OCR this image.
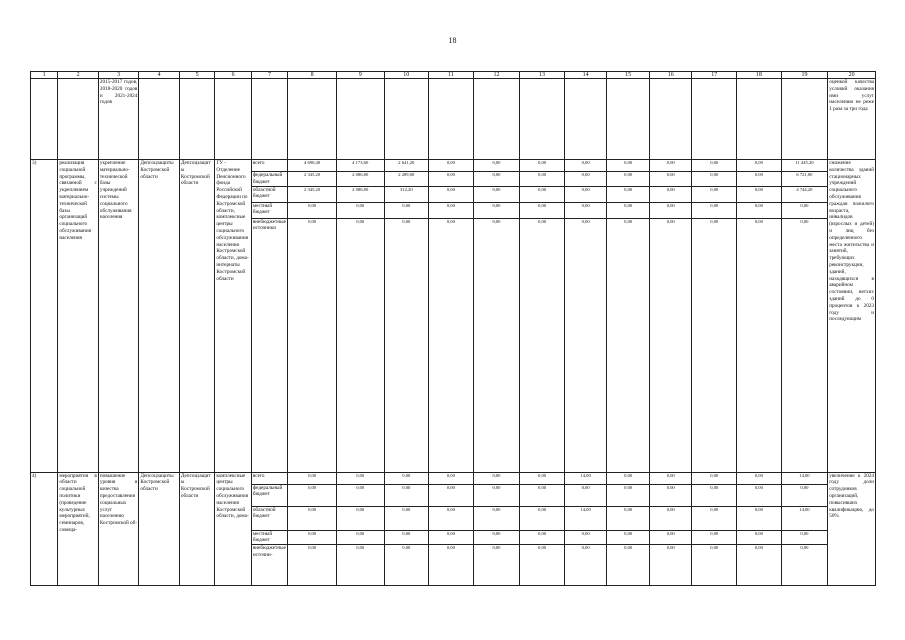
18
1	2	3	4	5	6	7	8	9	10	11	12	13	14	15	16	17	18	19	20
		2015-2017 годов, 2018-2020 годов и 2021-2024 годов																	оценкой качества условий оказания ими услуг населению не реже 1 раза за три года
3)	реализация социальной программы, связанной с укреплением материально-технической базы организаций социального обслуживания населения	укрепление материально-технической базы учреждений системы социального обслуживания населения	Депсоцзащиты Костромской области	Депсоцзащиты Костромской области	ГУ - Отделение Пенсионного фонда Российской Федерации по Костромской области, комплексные центры социального обслуживания населения Костромской области, дома-интернаты Костромской области	всего	4 690,40	4 173,60	2 641,20	0,00	0,00	0,00	0,00	0,00	0,00	0,00	0,00	11 445,20	снижение количества зданий стационарных учреждений социального обслуживания граждан пожилого возраста, инвалидов (взрослых и детей) и лиц без определенного места жительства и занятий, требующих реконструкции, зданий, находящихся в аварийном состоянии, ветхих зданий до 0 процентов к 2023 году и последующим
						федеральный бюджет	2 345,20	2 086,80	2 289,00	0,00	0,00	0,00	0,00	0,00	0,00	0,00	0,00	6 721,00	
						областной бюджет	2 345,20	2 086,80	312,20	0,00	0,00	0,00	0,00	0,00	0,00	0,00	0,00	4 744,20	
						местный бюджет	0,00	0,00	0,00	0,00	0,00	0,00	0,00	0,00	0,00	0,00	0,00	0,00	
						внебюджетные источники	0,00	0,00	0,00	0,00	0,00	0,00	0,00	0,00	0,00	0,00	0,00	0,00	
4)	мероприятия в области социальной политики (проведение культурных мероприятий, семинаров, совеща-	повышение уровня и качества предоставления социальных услуг населению Костромской об-	Депсоцзащиты Костромской области	Депсоцзащиты Костромской области	комплексные центры социального обслуживания населения Костромской области, дома-	всего	0,00	0,00	0,00	0,00	0,00	0,00	14,00	0,00	0,00	0,00	0,00	14,00	увеличение к 2024 году доли сотрудников организаций, повысивших квалификацию, до 50%
						федеральный бюджет	0,00	0,00	0,00	0,00	0,00	0,00	0,00	0,00	0,00	0,00	0,00	0,00	
						областной бюджет	0,00	0,00	0,00	0,00	0,00	0,00	14,00	0,00	0,00	0,00	0,00	14,00	
						местный бюджет	0,00	0,00	0,00	0,00	0,00	0,00	0,00	0,00	0,00	0,00	0,00	0,00	
						внебюджетные источни-	0,00	0,00	0,00	0,00	0,00	0,00	0,00	0,00	0,00	0,00	0,00	0,00	
